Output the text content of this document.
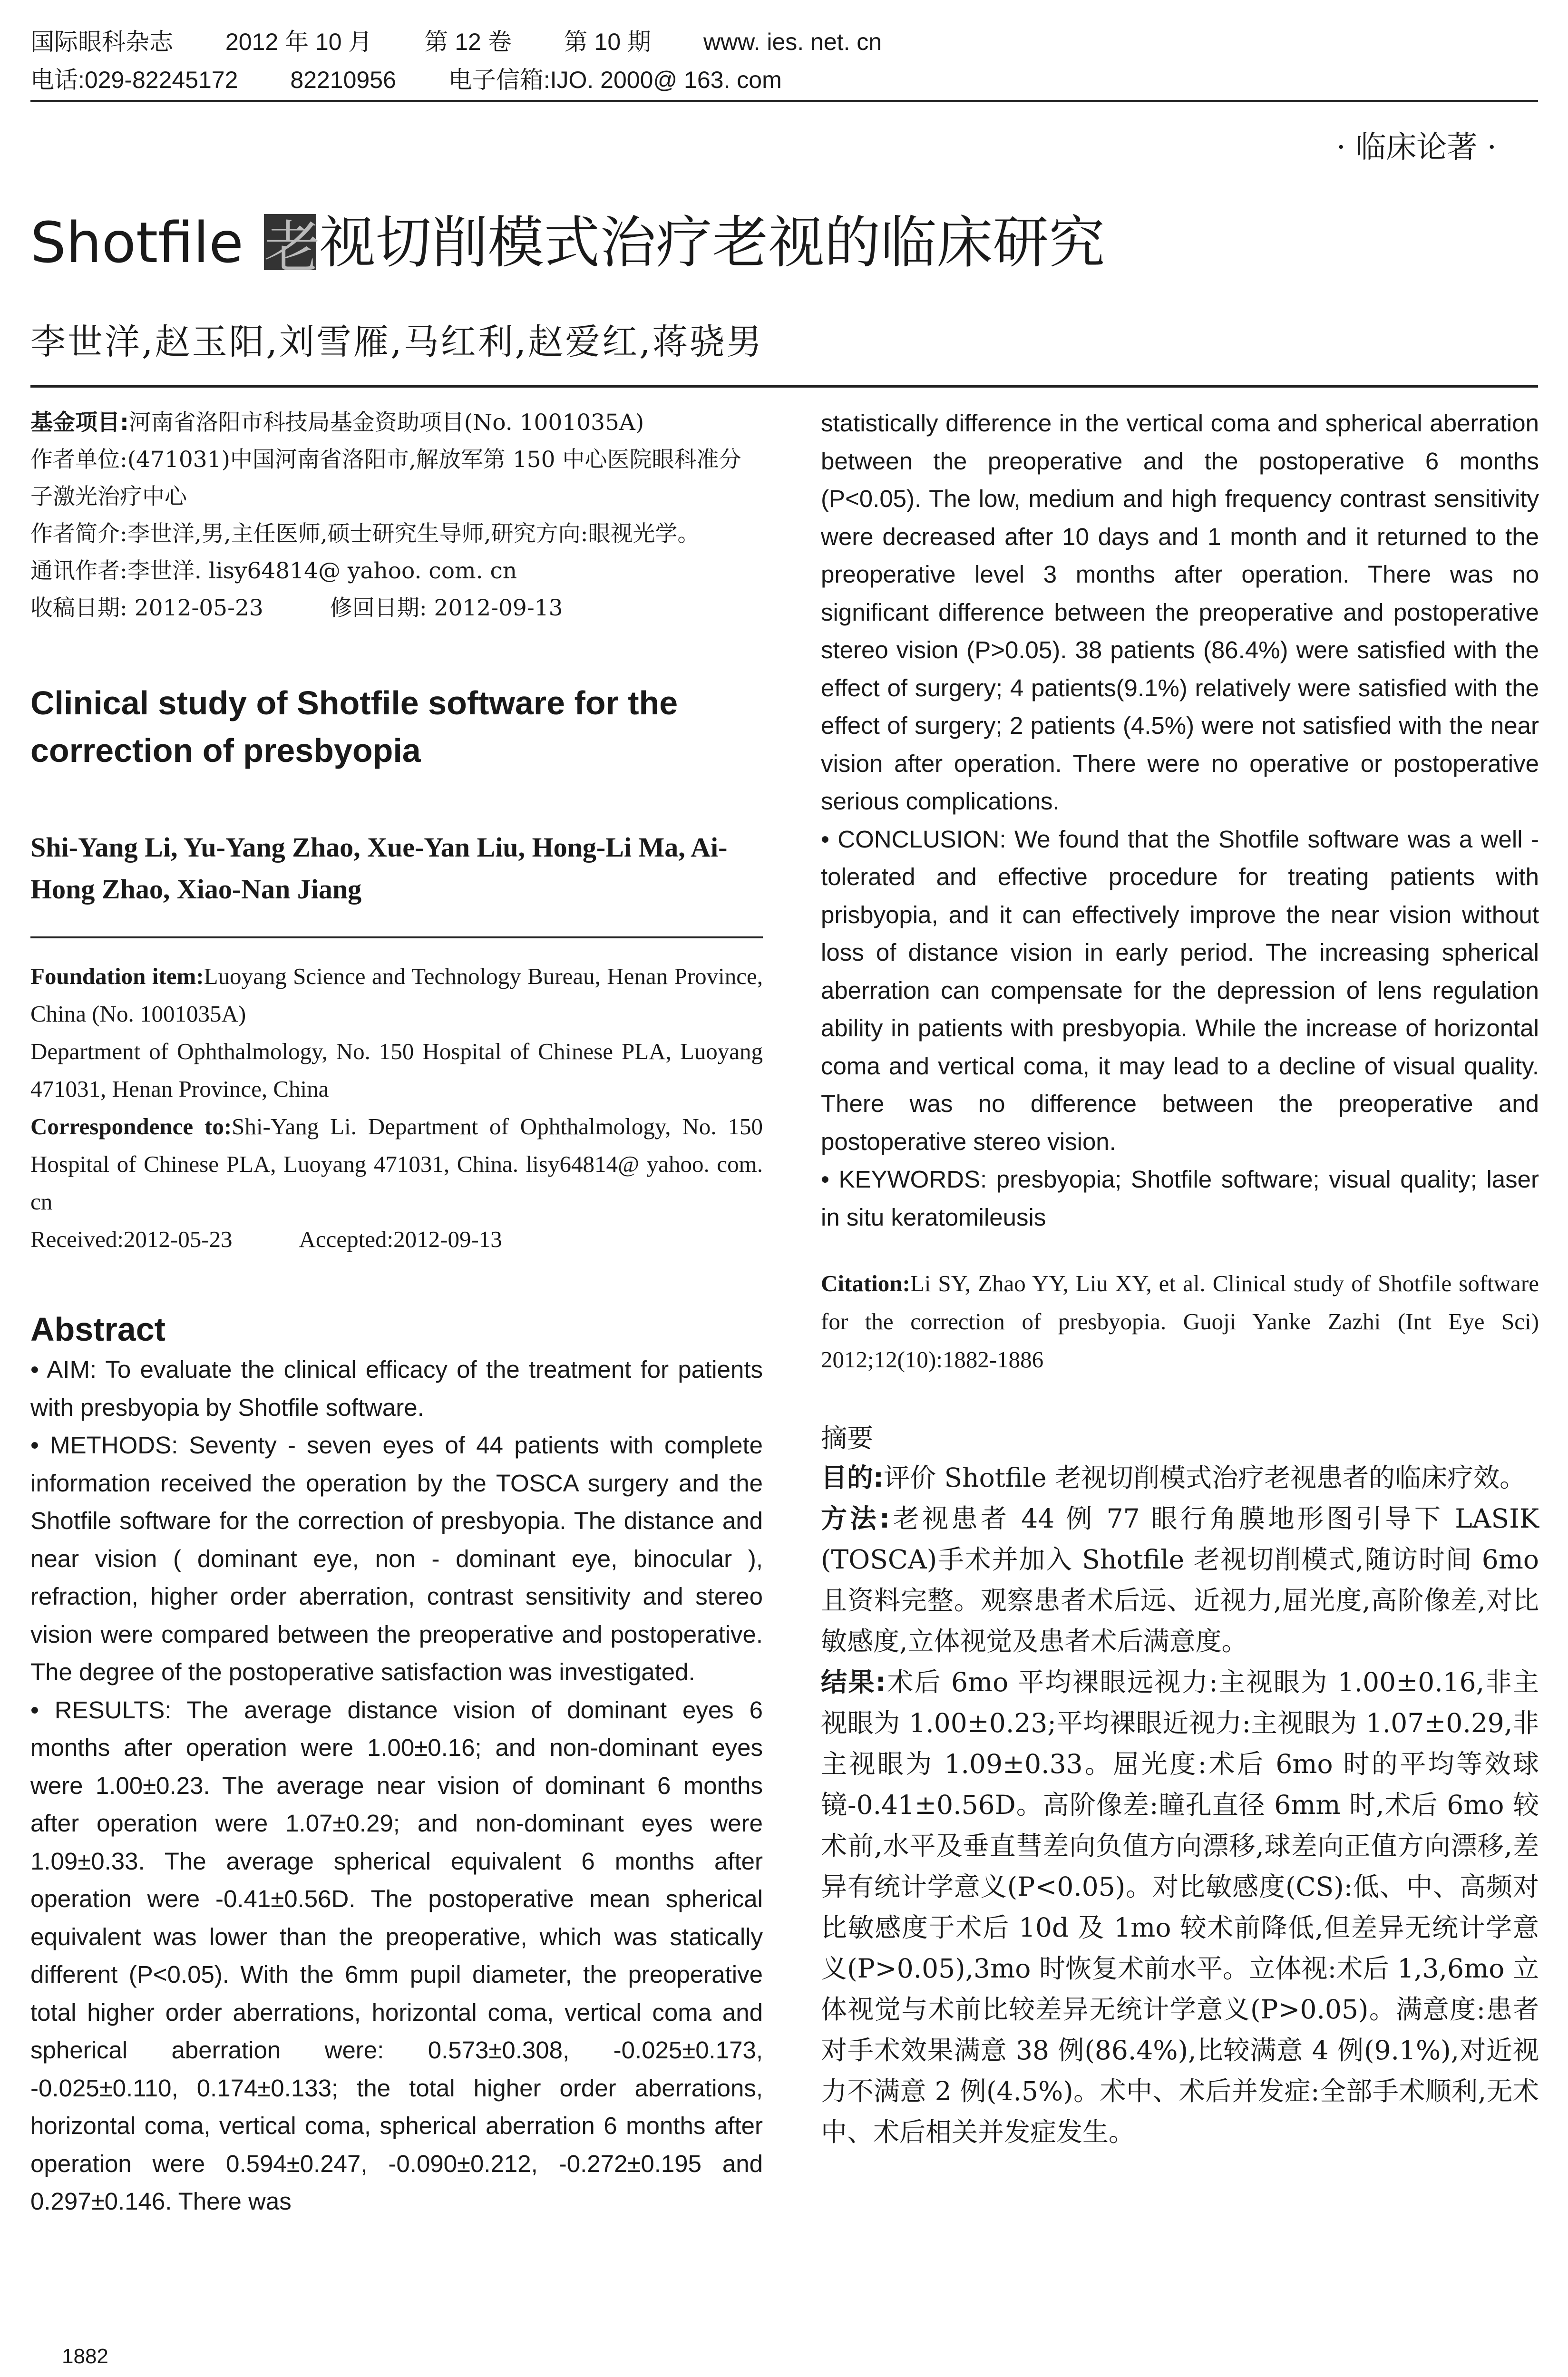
国际眼科杂志 2012 年 10 月 第 12 卷 第 10 期 www. ies. net. cn
电话:029-82245172 82210956 电子信箱:IJO. 2000@ 163. com
· 临床论著 ·
Shotfile 老视切削模式治疗老视的临床研究
李世洋,赵玉阳,刘雪雁,马红利,赵爱红,蒋骁男

基金项目:河南省洛阳市科技局基金资助项目(No. 1001035A)

作者单位:(471031)中国河南省洛阳市,解放军第 150 中心医院眼科准分子激光治疗中心

作者简介:李世洋,男,主任医师,硕士研究生导师,研究方向:眼视光学。

通讯作者:李世洋. lisy64814@ yahoo. com. cn

收稿日期: 2012-05-23	修回日期: 2012-09-13

Clinical study of Shotfile software for the correction of presbyopia
Shi-Yang Li, Yu-Yang Zhao, Xue-Yan Liu, Hong-Li Ma, Ai-Hong Zhao, Xiao-Nan Jiang

Foundation item:Luoyang Science and Technology Bureau, Henan Province, China (No. 1001035A)

Department of Ophthalmology, No. 150 Hospital of Chinese PLA, Luoyang 471031, Henan Province, China

Correspondence to:Shi-Yang Li. Department of Ophthalmology, No. 150 Hospital of Chinese PLA, Luoyang 471031, China. lisy64814@ yahoo. com. cn

Received:2012-05-23	Accepted:2012-09-13

Abstract

• AIM: To evaluate the clinical efficacy of the treatment for patients with presbyopia by Shotfile software.

• METHODS: Seventy - seven eyes of 44 patients with complete information received the operation by the TOSCA surgery and the Shotfile software for the correction of presbyopia. The distance and near vision ( dominant eye, non - dominant eye, binocular ), refraction, higher order aberration, contrast sensitivity and stereo vision were compared between the preoperative and postoperative. The degree of the postoperative satisfaction was investigated.

• RESULTS: The average distance vision of dominant eyes 6 months after operation were 1.00±0.16; and non-dominant eyes were 1.00±0.23. The average near vision of dominant 6 months after operation were 1.07±0.29; and non-dominant eyes were 1.09±0.33. The average spherical equivalent 6 months after operation were -0.41±0.56D. The postoperative mean spherical equivalent was lower than the preoperative, which was statically different (P<0.05). With the 6mm pupil diameter, the preoperative total higher order aberrations, horizontal coma, vertical coma and spherical aberration were: 0.573±0.308, -0.025±0.173, -0.025±0.110, 0.174±0.133; the total higher order aberrations, horizontal coma, vertical coma, spherical aberration 6 months after operation were 0.594±0.247, -0.090±0.212, -0.272±0.195 and 0.297±0.146. There was

statistically difference in the vertical coma and spherical aberration between the preoperative and the postoperative 6 months (P<0.05). The low, medium and high frequency contrast sensitivity were decreased after 10 days and 1 month and it returned to the preoperative level 3 months after operation. There was no significant difference between the preoperative and postoperative stereo vision (P>0.05). 38 patients (86.4%) were satisfied with the effect of surgery; 4 patients(9.1%) relatively were satisfied with the effect of surgery; 2 patients (4.5%) were not satisfied with the near vision after operation. There were no operative or postoperative serious complications.

• CONCLUSION: We found that the Shotfile software was a well - tolerated and effective procedure for treating patients with prisbyopia, and it can effectively improve the near vision without loss of distance vision in early period. The increasing spherical aberration can compensate for the depression of lens regulation ability in patients with presbyopia. While the increase of horizontal coma and vertical coma, it may lead to a decline of visual quality. There was no difference between the preoperative and postoperative stereo vision.

• KEYWORDS: presbyopia; Shotfile software; visual quality; laser in situ keratomileusis

Citation:Li SY, Zhao YY, Liu XY, et al. Clinical study of Shotfile software for the correction of presbyopia. Guoji Yanke Zazhi (Int Eye Sci) 2012;12(10):1882-1886
摘要

目的:评价 Shotfile 老视切削模式治疗老视患者的临床疗效。

方法:老视患者 44 例 77 眼行角膜地形图引导下 LASIK (TOSCA)手术并加入 Shotfile 老视切削模式,随访时间 6mo 且资料完整。观察患者术后远、近视力,屈光度,高阶像差,对比敏感度,立体视觉及患者术后满意度。

结果:术后 6mo 平均裸眼远视力:主视眼为 1.00±0.16,非主视眼为 1.00±0.23;平均裸眼近视力:主视眼为 1.07±0.29,非主视眼为 1.09±0.33。屈光度:术后 6mo 时的平均等效球镜-0.41±0.56D。高阶像差:瞳孔直径 6mm 时,术后 6mo 较术前,水平及垂直彗差向负值方向漂移,球差向正值方向漂移,差异有统计学意义(P<0.05)。对比敏感度(CS):低、中、高频对比敏感度于术后 10d 及 1mo 较术前降低,但差异无统计学意义(P>0.05),3mo 时恢复术前水平。立体视:术后 1,3,6mo 立体视觉与术前比较差异无统计学意义(P>0.05)。满意度:患者对手术效果满意 38 例(86.4%),比较满意 4 例(9.1%),对近视力不满意 2 例(4.5%)。术中、术后并发症:全部手术顺利,无术中、术后相关并发症发生。

1882
